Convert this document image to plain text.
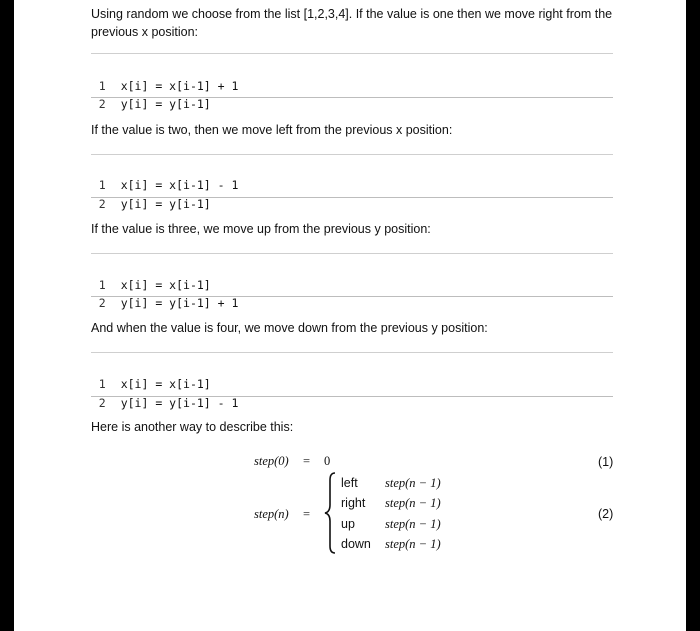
Using random we choose from the list [1,2,3,4]. If the value is one then we move right from the

previous x position:

1 x[i] = x[i-1] + 1

2 y[i] = y[i-1]

If the value is two, then we move left from the previous x position:

1 x[i] = x[i-1] - 1

2 y[i] = y[i-1]

If the value is three, we move up from the previous y position:

1 x[i] = x[i-1]

2 y[i] = y[i-1] + 1

And when the value is four, we move down from the previous y position:

1 x[i] = x[i-1]

2 y[i] = y[i-1] - 1

Here is another way to describe this:

step(0) = 0	(1)
step(n) =
left step(n − 1)
right step(n − 1)
up step(n − 1)
down step(n − 1)
(2)
